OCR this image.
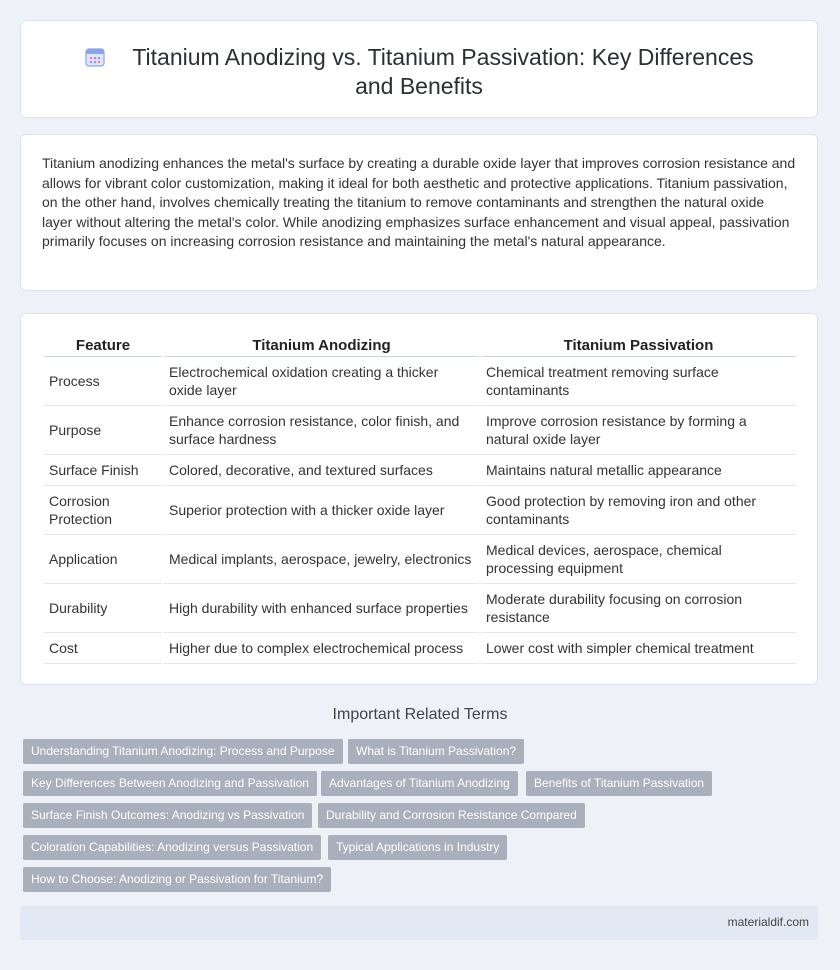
Titanium Anodizing vs. Titanium Passivation: Key Differences and Benefits

Titanium anodizing enhances the metal's surface by creating a durable oxide layer that improves corrosion resistance and allows for vibrant color customization, making it ideal for both aesthetic and protective applications. Titanium passivation, on the other hand, involves chemically treating the titanium to remove contaminants and strengthen the natural oxide layer without altering the metal's color. While anodizing emphasizes surface enhancement and visual appeal, passivation primarily focuses on increasing corrosion resistance and maintaining the metal's natural appearance.

Feature	Titanium Anodizing	Titanium Passivation
Process	Electrochemical oxidation creating a thicker oxide layer	Chemical treatment removing surface contaminants
Purpose	Enhance corrosion resistance, color finish, and surface hardness	Improve corrosion resistance by forming a natural oxide layer
Surface Finish	Colored, decorative, and textured surfaces	Maintains natural metallic appearance
Corrosion Protection	Superior protection with a thicker oxide layer	Good protection by removing iron and other contaminants
Application	Medical implants, aerospace, jewelry, electronics	Medical devices, aerospace, chemical processing equipment
Durability	High durability with enhanced surface properties	Moderate durability focusing on corrosion resistance
Cost	Higher due to complex electrochemical process	Lower cost with simpler chemical treatment
Important Related Terms
Understanding Titanium Anodizing: Process and Purpose	What is Titanium Passivation?
Key Differences Between Anodizing and Passivation	Advantages of Titanium Anodizing	Benefits of Titanium Passivation
Surface Finish Outcomes: Anodizing vs Passivation	Durability and Corrosion Resistance Compared
Coloration Capabilities: Anodizing versus Passivation	Typical Applications in Industry
How to Choose: Anodizing or Passivation for Titanium?
materialdif.com
